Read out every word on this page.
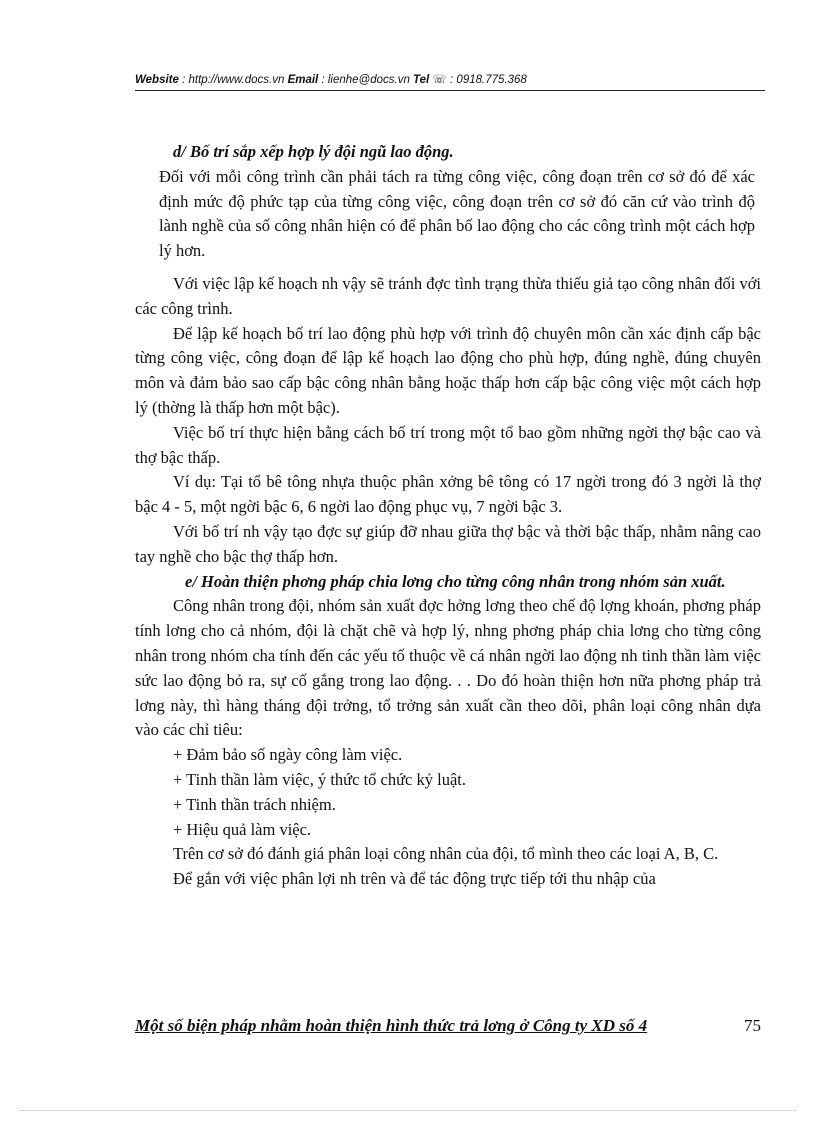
Website : http://www.docs.vn Email : lienhe@docs.vn Tel ☏ : 0918.775.368

d/ Bố trí sắp xếp hợp lý đội ngũ lao động.

Đối với mỗi công trình cần phải tách ra từng công việc, công đoạn trên cơ sở đó để xác định mức độ phức tạp của từng công việc, công đoạn trên cơ sở đó căn cứ vào trình độ lành nghề của số công nhân hiện có để phân bố lao động cho các công trình một cách hợp lý hơn.

Với việc lập kế hoạch nh vậy sẽ tránh đợc tình trạng thừa thiếu giả tạo công nhân đối với các công trình.

Để lập kế hoạch bố trí lao động phù hợp với trình độ chuyên môn cần xác định cấp bậc từng công việc, công đoạn để lập kế hoạch lao động cho phù hợp, đúng nghề, đúng chuyên môn và đảm bảo sao cấp bậc công nhân bằng hoặc thấp hơn cấp bậc công việc một cách hợp lý (thờng là thấp hơn một bậc).

Việc bố trí thực hiện bằng cách bố trí trong một tổ bao gồm những ngời thợ bậc cao và thợ bậc thấp.

Ví dụ: Tại tổ bê tông nhựa thuộc phân xởng bê tông có 17 ngời trong đó 3 ngời là thợ bậc 4 - 5, một ngời bậc 6, 6 ngời lao động phục vụ, 7 ngời bậc 3.

Với bố trí nh vậy tạo đợc sự giúp đỡ nhau giữa thợ bậc và thời bậc thấp, nhằm nâng cao tay nghề cho bậc thợ thấp hơn.

e/ Hoàn thiện phơng pháp chia lơng cho từng công nhân trong nhóm sản xuất.

Công nhân trong đội, nhóm sản xuất đợc hởng lơng theo chế độ lợng khoán, phơng pháp tính lơng cho cả nhóm, đội là chặt chẽ và hợp lý, nhng phơng pháp chia lơng cho từng công nhân trong nhóm cha tính đến các yếu tố thuộc về cá nhân ngời lao động nh tinh thần làm việc sức lao động bỏ ra, sự cố gắng trong lao động. . . Do đó hoàn thiện hơn nữa phơng pháp trả lơng này, thì hàng tháng đội trởng, tổ trởng sản xuất cần theo dõi, phân loại công nhân dựa vào các chỉ tiêu:

+ Đảm bảo số ngày công làm việc.
+ Tinh thần làm việc, ý thức tổ chức kỷ luật.
+ Tinh thần trách nhiệm.
+ Hiệu quả làm việc.

Trên cơ sở đó đánh giá phân loại công nhân của đội, tổ mình theo các loại A, B, C.

Để gắn với việc phân lợi nh trên và để tác động trực tiếp tới thu nhập của

Một số biện pháp nhằm hoàn thiện hình thức trả lơng ở Công ty XD số 4	75
